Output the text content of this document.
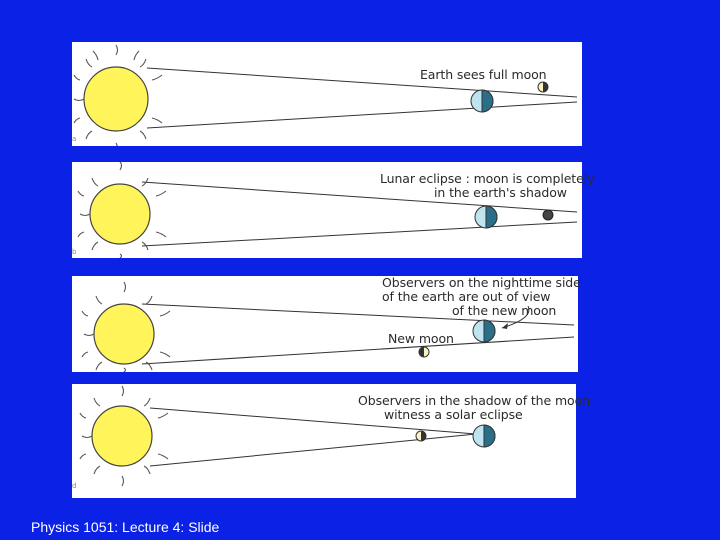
Earth sees full moon
a
Lunar eclipse : moon is completely
in the earth's shadow
b
Observers on the nighttime side
of the earth are out of view
of the new moon
New moon
Observers in the shadow of the moon
witness a solar eclipse
d
Physics 1051: Lecture 4: Slide
